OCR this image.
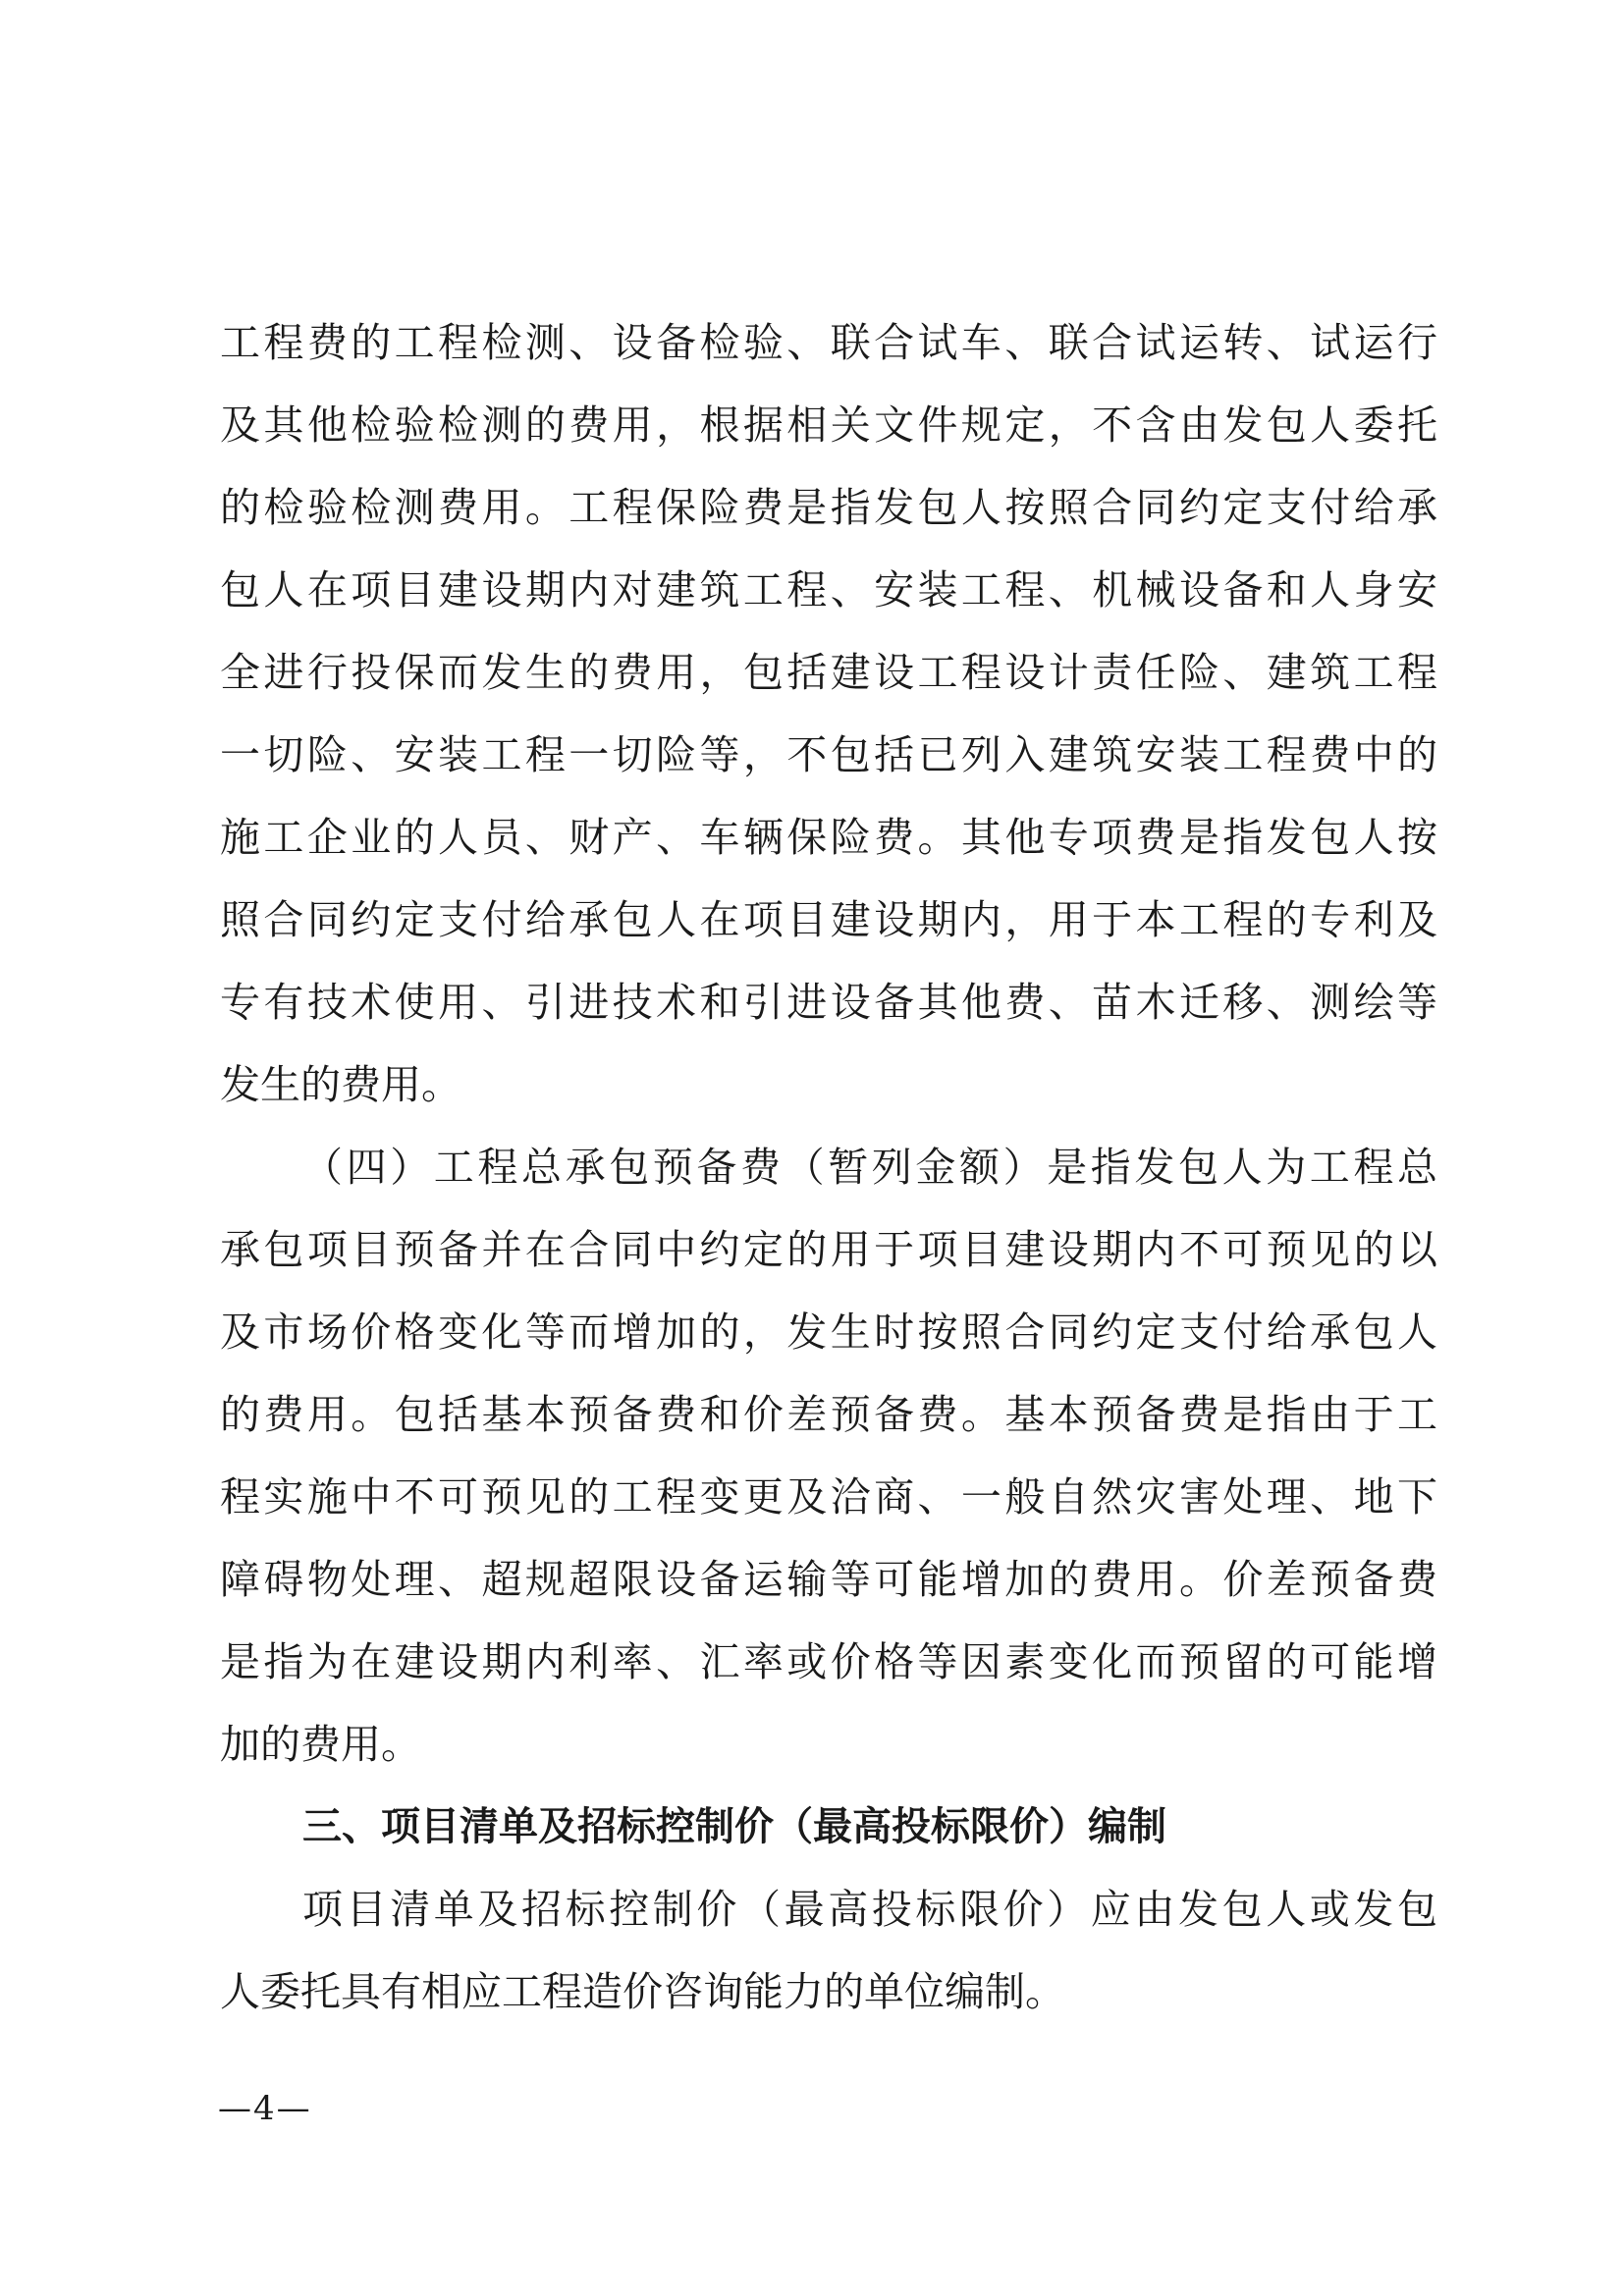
工程费的工程检测、设备检验、联合试车、联合试运转、试运行
及其他检验检测的费用，根据相关文件规定，不含由发包人委托
的检验检测费用。工程保险费是指发包人按照合同约定支付给承
包人在项目建设期内对建筑工程、安装工程、机械设备和人身安
全进行投保而发生的费用，包括建设工程设计责任险、建筑工程
一切险、安装工程一切险等，不包括已列入建筑安装工程费中的
施工企业的人员、财产、车辆保险费。其他专项费是指发包人按
照合同约定支付给承包人在项目建设期内，用于本工程的专利及
专有技术使用、引进技术和引进设备其他费、苗木迁移、测绘等
发生的费用。
（四）工程总承包预备费（暂列金额）是指发包人为工程总
承包项目预备并在合同中约定的用于项目建设期内不可预见的以
及市场价格变化等而增加的，发生时按照合同约定支付给承包人
的费用。包括基本预备费和价差预备费。基本预备费是指由于工
程实施中不可预见的工程变更及洽商、一般自然灾害处理、地下
障碍物处理、超规超限设备运输等可能增加的费用。价差预备费
是指为在建设期内利率、汇率或价格等因素变化而预留的可能增
加的费用。
三、项目清单及招标控制价（最高投标限价）编制
项目清单及招标控制价（最高投标限价）应由发包人或发包
人委托具有相应工程造价咨询能力的单位编制。
—4—
